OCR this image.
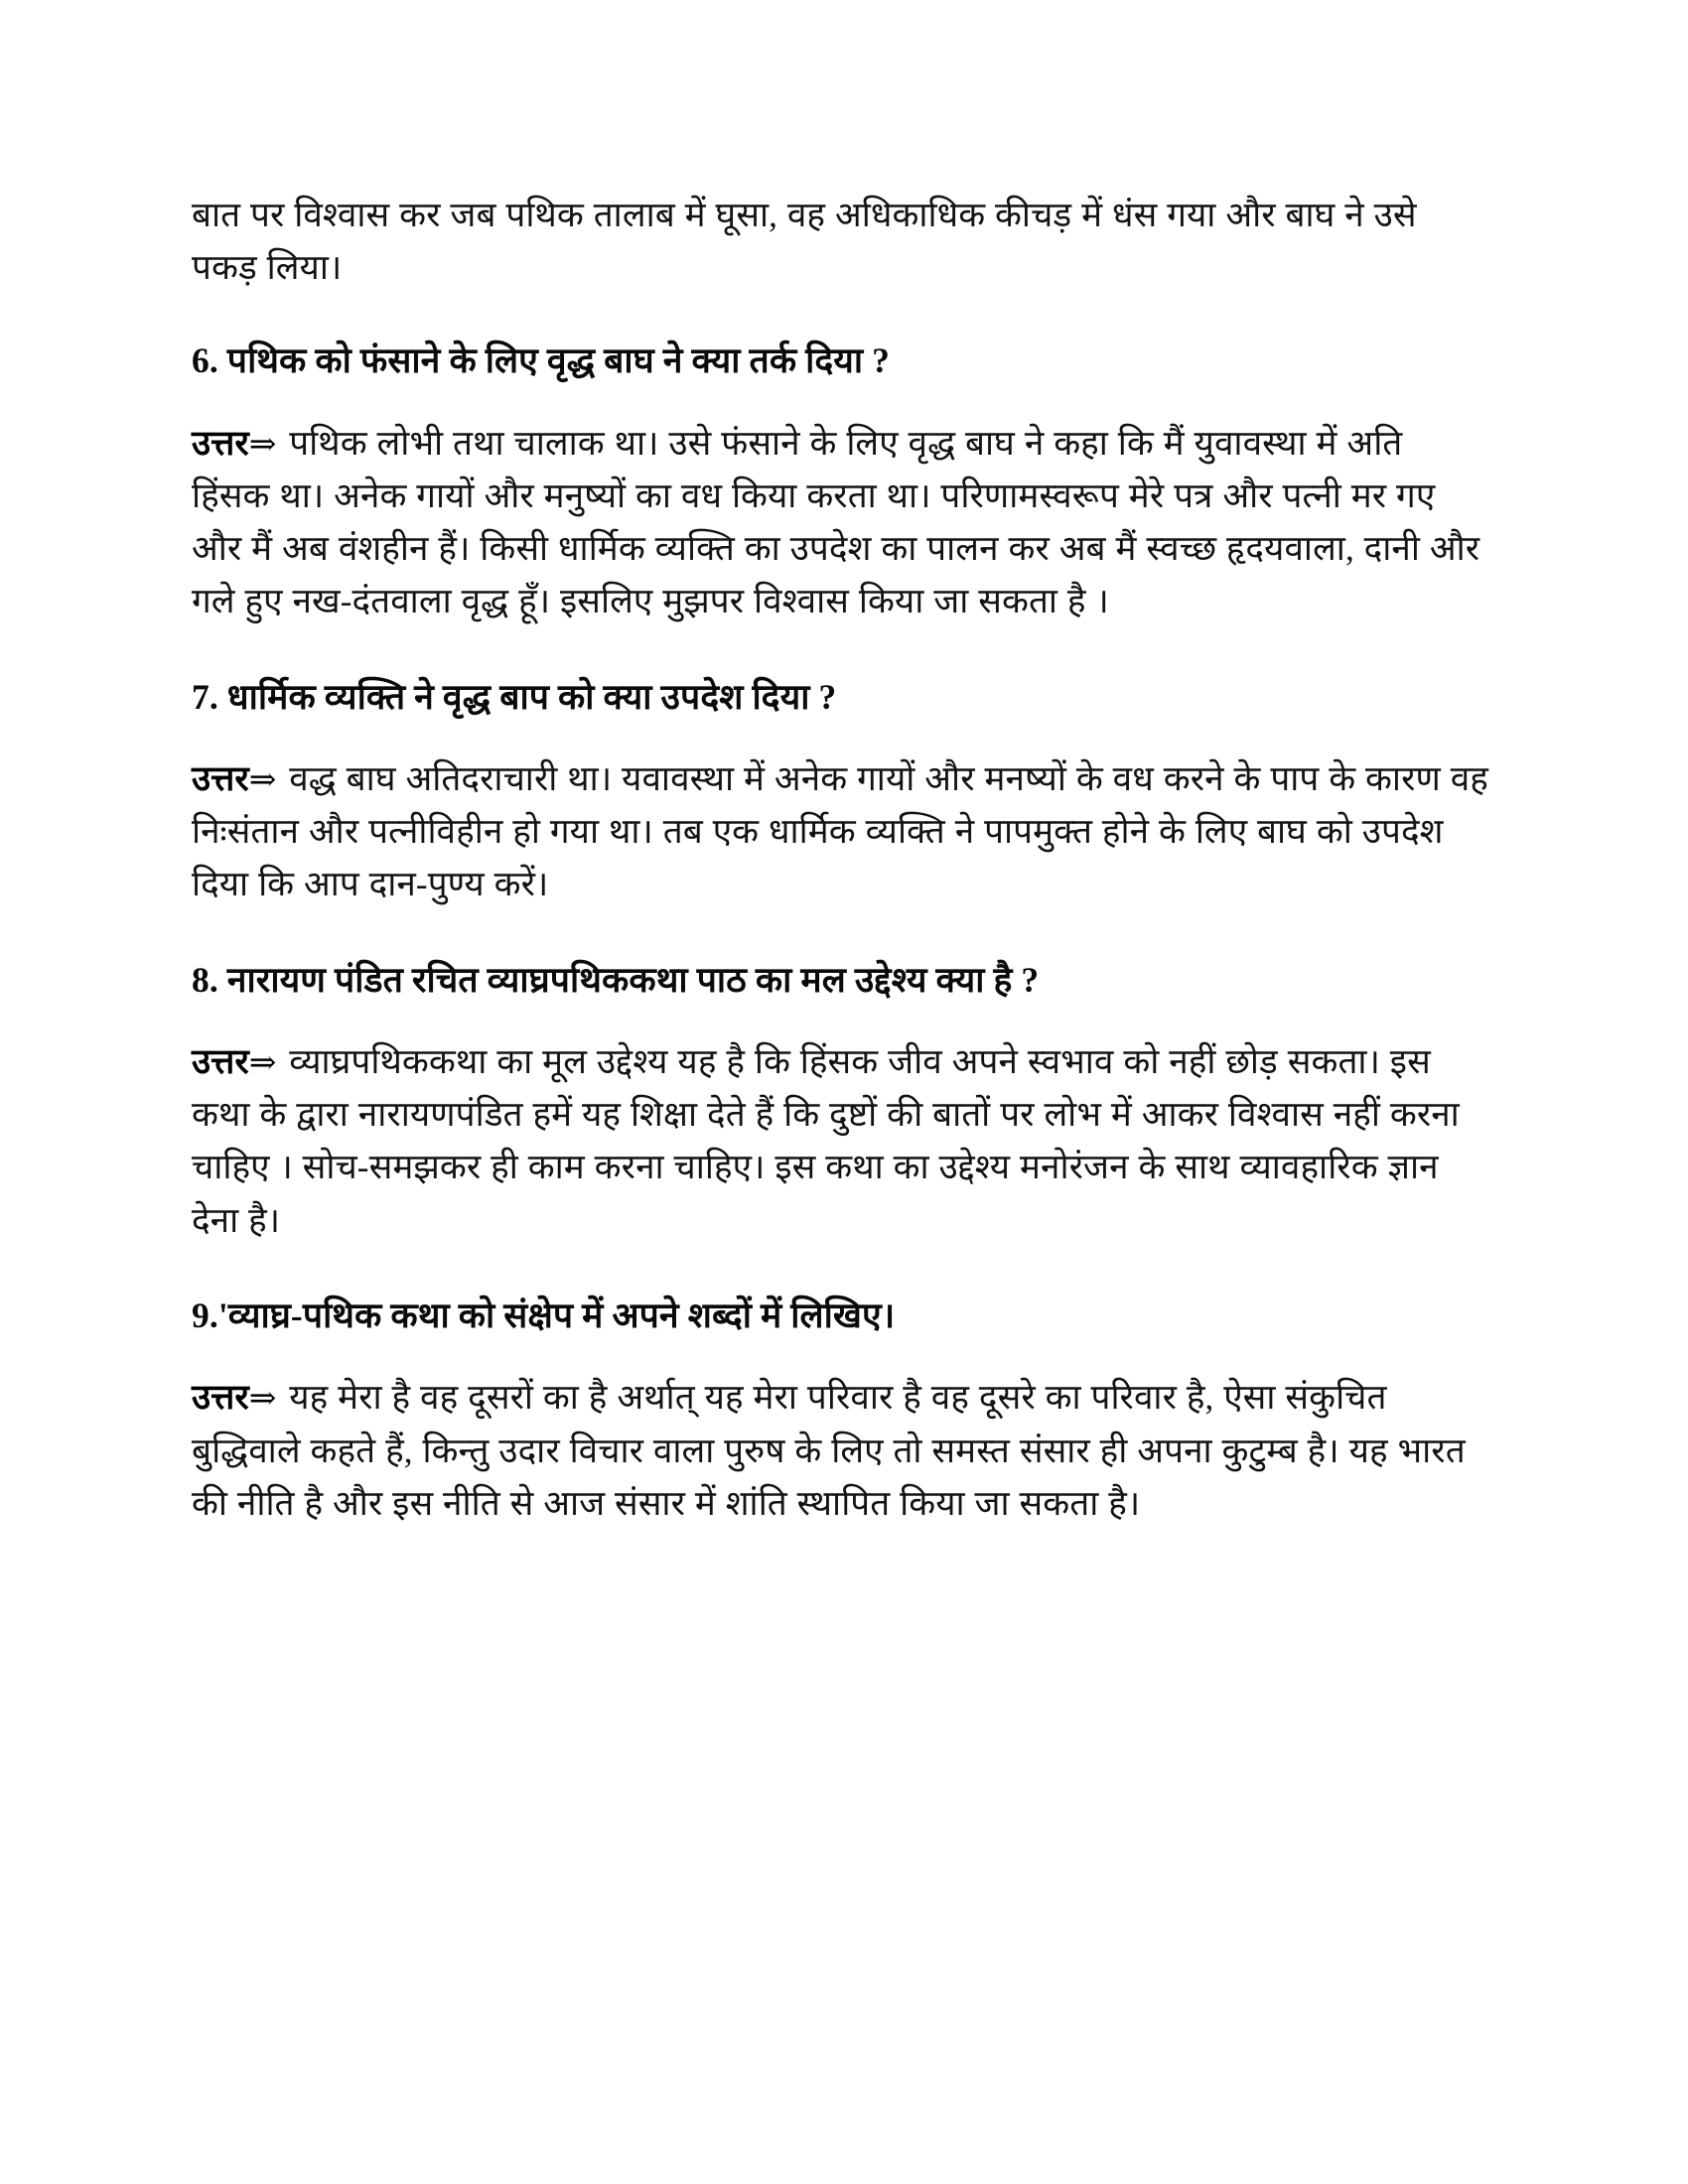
बात पर विश्वास कर जब पथिक तालाब में घूसा, वह अधिकाधिक कीचड़ में धंस गया और बाघ ने उसे पकड़ लिया।

6. पथिक को फंसाने के लिए वृद्ध बाघ ने क्या तर्क दिया ?

उत्तर⇒ पथिक लोभी तथा चालाक था। उसे फंसाने के लिए वृद्ध बाघ ने कहा कि मैं युवावस्था में अति हिंसक था। अनेक गायों और मनुष्यों का वध किया करता था। परिणामस्वरूप मेरे पत्र और पत्नी मर गए और मैं अब वंशहीन हैं। किसी धार्मिक व्यक्ति का उपदेश का पालन कर अब मैं स्वच्छ हृदयवाला, दानी और गले हुए नख-दंतवाला वृद्ध हूँ। इसलिए मुझपर विश्वास किया जा सकता है ।

7. धार्मिक व्यक्ति ने वृद्ध बाप को क्या उपदेश दिया ?

उत्तर⇒ वद्ध बाघ अतिदराचारी था। यवावस्था में अनेक गायों और मनष्यों के वध करने के पाप के कारण वह निःसंतान और पत्नीविहीन हो गया था। तब एक धार्मिक व्यक्ति ने पापमुक्त होने के लिए बाघ को उपदेश दिया कि आप दान-पुण्य करें।

8. नारायण पंडित रचित व्याघ्रपथिककथा पाठ का मल उद्देश्य क्या है ?

उत्तर⇒ व्याघ्रपथिककथा का मूल उद्देश्य यह है कि हिंसक जीव अपने स्वभाव को नहीं छोड़ सकता। इस कथा के द्वारा नारायणपंडित हमें यह शिक्षा देते हैं कि दुष्टों की बातों पर लोभ में आकर विश्वास नहीं करना चाहिए । सोच-समझकर ही काम करना चाहिए। इस कथा का उद्देश्य मनोरंजन के साथ व्यावहारिक ज्ञान देना है।

9.'व्याघ्र-पथिक कथा को संक्षेप में अपने शब्दों में लिखिए।

उत्तर⇒ यह मेरा है वह दूसरों का है अर्थात् यह मेरा परिवार है वह दूसरे का परिवार है, ऐसा संकुचित बुद्धिवाले कहते हैं, किन्तु उदार विचार वाला पुरुष के लिए तो समस्त संसार ही अपना कुटुम्ब है। यह भारत की नीति है और इस नीति से आज संसार में शांति स्थापित किया जा सकता है।
